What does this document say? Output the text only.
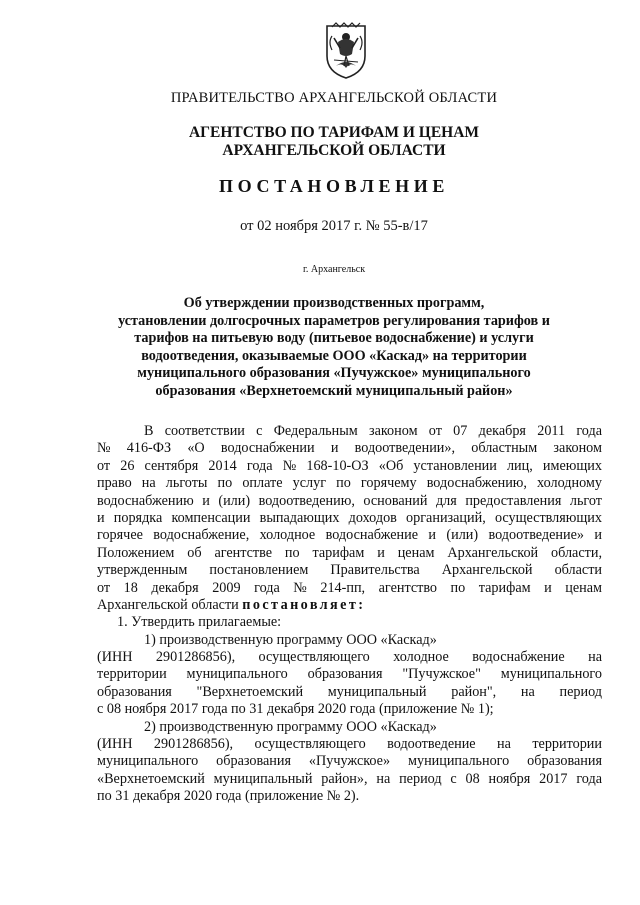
ПРАВИТЕЛЬСТВО АРХАНГЕЛЬСКОЙ ОБЛАСТИ
АГЕНТСТВО ПО ТАРИФАМ И ЦЕНАМ
АРХАНГЕЛЬСКОЙ ОБЛАСТИ
ПОСТАНОВЛЕНИЕ
от 02 ноября 2017 г. № 55-в/17
г. Архангельск
Об утверждении производственных программ,
установлении долгосрочных параметров регулирования тарифов и
тарифов на питьевую воду (питьевое водоснабжение) и услуги
водоотведения, оказываемые ООО «Каскад» на территории
муниципального образования «Пучужское» муниципального
образования «Верхнетоемский муниципальный район»
В соответствии с Федеральным законом от 07 декабря 2011 года
№ 416-ФЗ «О водоснабжении и водоотведении», областным законом
от 26 сентября 2014 года № 168-10-ОЗ «Об установлении лиц, имеющих
право на льготы по оплате услуг по горячему водоснабжению, холодному
водоснабжению и (или) водоотведению, оснований для предоставления льгот
и порядка компенсации выпадающих доходов организаций, осуществляющих
горячее водоснабжение, холодное водоснабжение и (или) водоотведение» и
Положением об агентстве по тарифам и ценам Архангельской области,
утвержденным постановлением Правительства Архангельской области
от 18 декабря 2009 года № 214-пп, агентство по тарифам и ценам
Архангельской области постановляет:
1. Утвердить прилагаемые:
1) производственную программу ООО «Каскад»
(ИНН 2901286856), осуществляющего холодное водоснабжение на
территории муниципального образования "Пучужское" муниципального
образования "Верхнетоемский муниципальный район", на период
с 08 ноября 2017 года по 31 декабря 2020 года (приложение № 1);
2) производственную программу ООО «Каскад»
(ИНН 2901286856), осуществляющего водоотведение на территории
муниципального образования «Пучужское» муниципального образования
«Верхнетоемский муниципальный район», на период с 08 ноября 2017 года
по 31 декабря 2020 года (приложение № 2).
